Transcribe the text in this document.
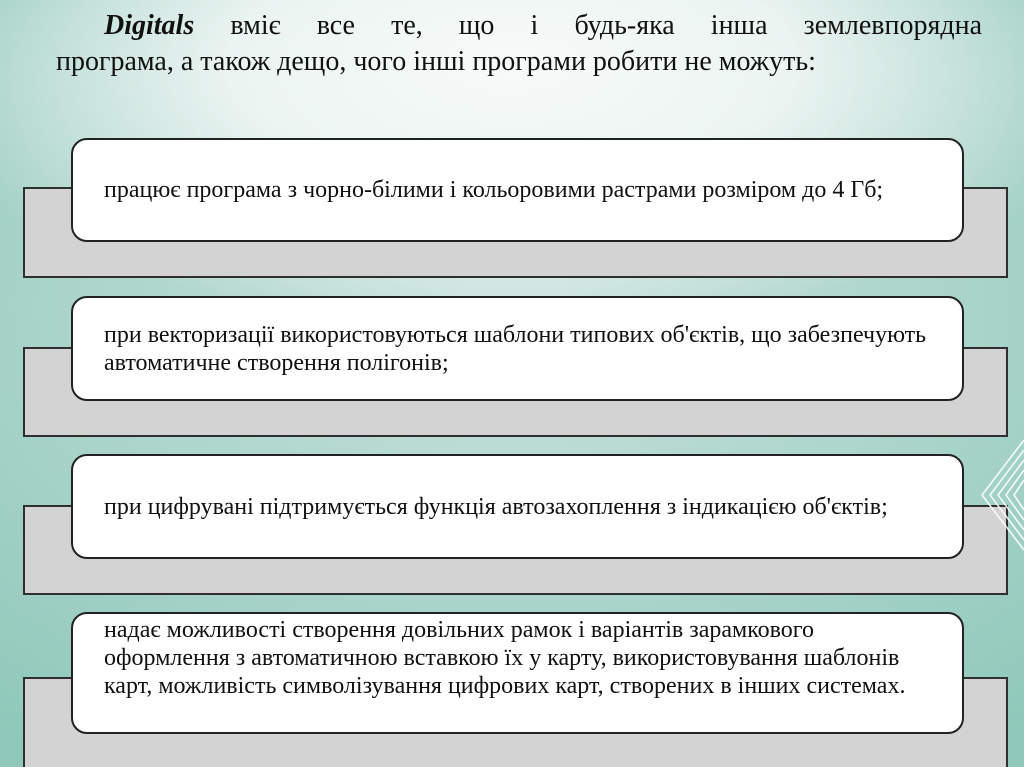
Digitals вміє все те, що і будь-яка інша землевпорядна
програма, а також дещо, чого інші програми робити не можуть:
працює програма з чорно-білими і кольоровими растрами розміром до 4 Гб;
при векторизації використовуються шаблони типових об'єктів, що забезпечують автоматичне створення полігонів;
при цифрувані підтримується функція автозахоплення з індикацією об'єктів;
надає можливості створення довільних рамок і варіантів зарамкового оформлення з автоматичною вставкою їх у карту, використовування шаблонів карт, можливість символізування цифрових карт, створених в інших системах.
